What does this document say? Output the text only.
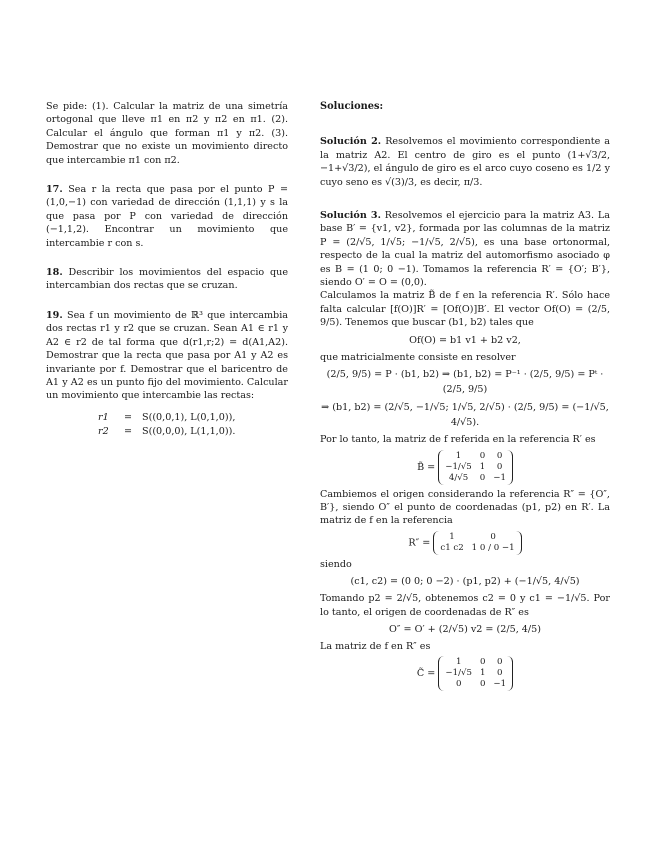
Se pide: (1). Calcular la matriz de una simetría ortogonal que lleve π1 en π2 y π2 en π1. (2). Calcular el ángulo que forman π1 y π2. (3). Demostrar que no existe un movimiento directo que intercambie π1 con π2.

17. Sea r la recta que pasa por el punto P = (1,0,−1) con variedad de dirección (1,1,1) y s la que pasa por P con variedad de dirección (−1,1,2). Encontrar un movimiento que intercambie r con s.

18. Describir los movimientos del espacio que intercambian dos rectas que se cruzan.

19. Sea f un movimiento de ℝ³ que intercambia dos rectas r1 y r2 que se cruzan. Sean A1 ∈ r1 y A2 ∈ r2 de tal forma que d(r1,r;2) = d(A1,A2). Demostrar que la recta que pasa por A1 y A2 es invariante por f. Demostrar que el baricentro de A1 y A2 es un punto fijo del movimiento. Calcular un movimiento que intercambie las rectas:

r1 = S((0,0,1), L(0,1,0)),
r2 = S((0,0,0), L(1,1,0)).

Soluciones:

Solución 2. Resolvemos el movimiento correspondiente a la matriz A2. El centro de giro es el punto (1+√3/2, −1+√3/2), el ángulo de giro es el arco cuyo coseno es 1/2 y cuyo seno es √(3)/3, es decir, π/3.

Solución 3. Resolvemos el ejercicio para la matriz A3. La base B′ = {v1, v2}, formada por las columnas de la matriz P = (2/√5, 1/√5; −1/√5, 2/√5), es una base ortonormal, respecto de la cual la matriz del automorfismo asociado φ es B = (1 0; 0 −1). Tomamos la referencia R′ = {O′; B′}, siendo O′ = O = (0,0).

Calculamos la matriz B̃ de f en la referencia R′. Sólo hace falta calcular [f(O)]R′ = [Of(O)]B′. El vector Of(O) = (2/5, 9/5). Tenemos que buscar (b1, b2) tales que

Of(O) = b1 v1 + b2 v2,

que matricialmente consiste en resolver

(2/5, 9/5) = P · (b1, b2) ⇒ (b1, b2) = P⁻¹ · (2/5, 9/5) = Pᵗ · (2/5, 9/5)

⇒ (b1, b2) = (2/√5, −1/√5; 1/√5, 2/√5) · (2/5, 9/5) = (−1/√5, 4/√5).

Por lo tanto, la matriz de f referida en la referencia R′ es

B̃ =
1	0	0
−1/√5 1	0
4/√5	0 −1

Cambiemos el origen considerando la referencia R″ = {O″, B′}, siendo O″ el punto de coordenadas (p1, p2) en R′. La matriz de f en la referencia

R″ =
1	0
c1 c2 1 0 / 0 −1

siendo

(c1, c2) = (0 0; 0 −2) · (p1, p2) + (−1/√5, 4/√5)

Tomando p2 = 2/√5, obtenemos c2 = 0 y c1 = −1/√5. Por lo tanto, el origen de coordenadas de R″ es

O″ = O′ + (2/√5) v2 = (2/5, 4/5)

La matriz de f en R″ es

C̃ =
1	0	0
−1/√5 1	0
0	0 −1
